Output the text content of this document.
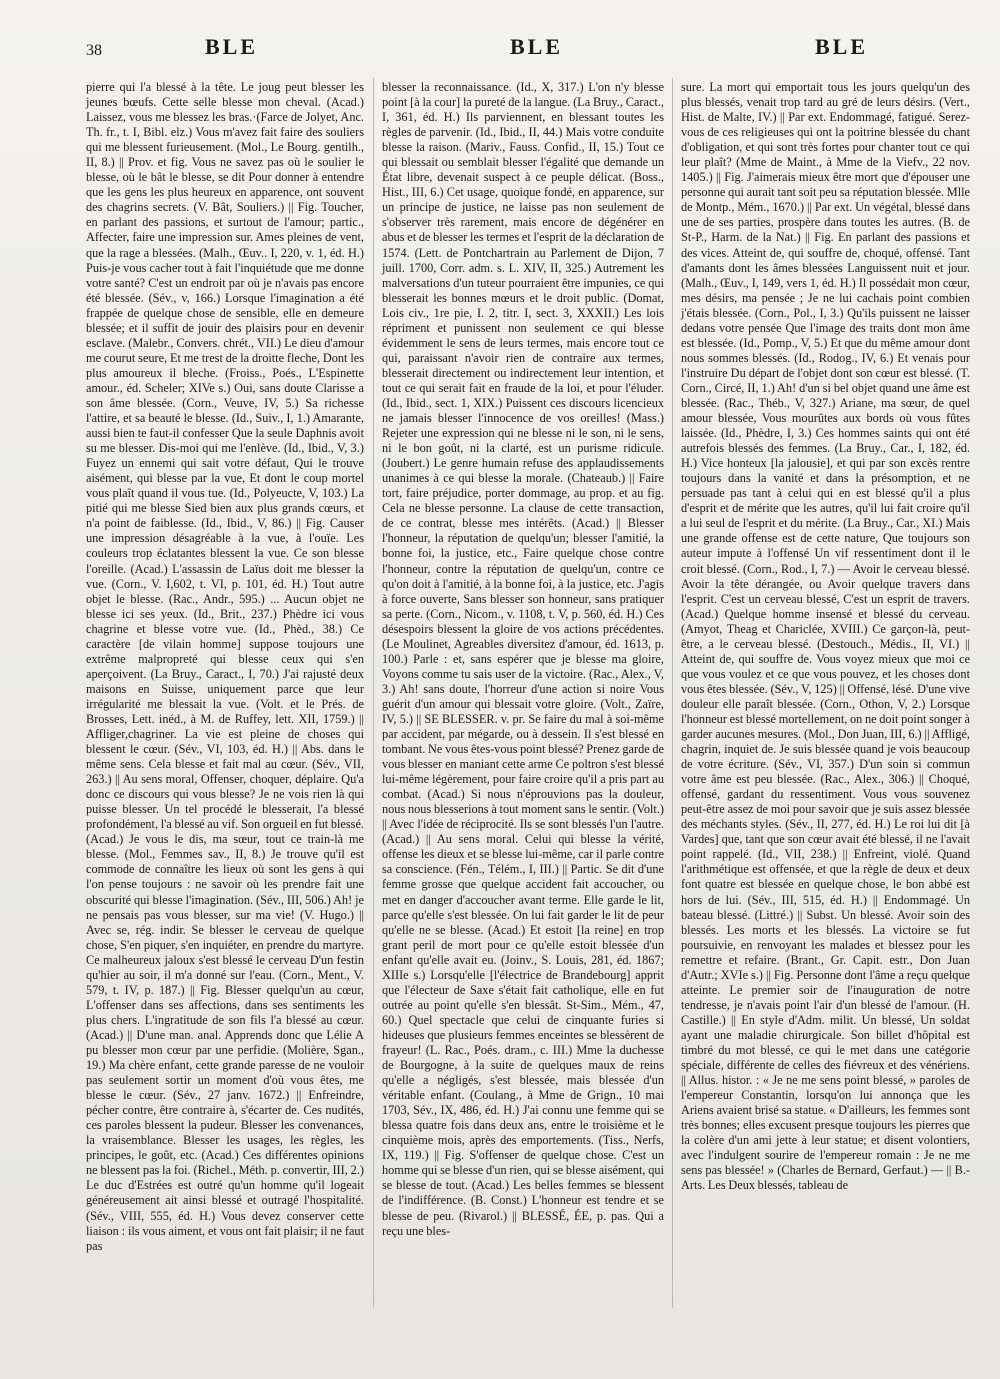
38	BLE	BLE	BLE

pierre qui l'a blessé à la tête. Le joug peut blesser les jeunes bœufs. Cette selle blesse mon cheval. (Acad.) Laissez, vous me blessez les bras.·(Farce de Jolyet, Anc. Th. fr., t. I, Bibl. elz.) Vous m'avez fait faire des souliers qui me blessent furieusement. (Mol., Le Bourg. gentilh., II, 8.) || Prov. et fig. Vous ne savez pas où le soulier le blesse, où le bât le blesse, se dit Pour donner à entendre que les gens les plus heureux en apparence, ont souvent des chagrins secrets. (V. Bât, Souliers.) || Fig. Toucher, en parlant des passions, et surtout de l'amour; partic., Affecter, faire une impression sur. Ames pleines de vent, que la rage a blessées. (Malh., Œuv.. I, 220, v. 1, éd. H.) Puis-je vous cacher tout à fait l'inquiétude que me donne votre santé? C'est un endroit par où je n'avais pas encore été blessée. (Sév., v, 166.) Lorsque l'imagination a été frappée de quelque chose de sensible, elle en demeure blessée; et il suffit de jouir des plaisirs pour en devenir esclave. (Malebr., Convers. chrét., VII.) Le dieu d'amour me courut seure, Et me trest de la droitte fleche, Dont les plus amoureux il bleche. (Froiss., Poés., L'Espinette amour., éd. Scheler; XIVe s.) Oui, sans doute Clarisse a son âme blessée. (Corn., Veuve, IV, 5.) Sa richesse l'attire, et sa beauté le blesse. (Id., Suiv., I, 1.) Amarante, aussi bien te faut-il confesser Que la seule Daphnis avoit su me blesser. Dis-moi qui me l'enlève. (Id., Ibid., V, 3.) Fuyez un ennemi qui sait votre défaut, Qui le trouve aisément, qui blesse par la vue, Et dont le coup mortel vous plaît quand il vous tue. (Id., Polyeucte, V, 103.) La pitié qui me blesse Sied bien aux plus grands cœurs, et n'a point de faiblesse. (Id., Ibid., V, 86.) || Fig. Causer une impression désagréable à la vue, à l'ouïe. Les couleurs trop éclatantes blessent la vue. Ce son blesse l'oreille. (Acad.) L'assassin de Laïus doit me blesser la vue. (Corn., V. I,602, t. VI, p. 101, éd. H.) Tout autre objet le blesse. (Rac., Andr., 595.) ... Aucun objet ne blesse ici ses yeux. (Id., Brit., 237.) Phèdre ici vous chagrine et blesse votre vue. (Id., Phèd., 38.) Ce caractère [de vilain homme] suppose toujours une extrême malpropreté qui blesse ceux qui s'en aperçoivent. (La Bruy., Caract., I, 70.) J'ai rajusté deux maisons en Suisse, uniquement parce que leur irrégularité me blessait la vue. (Volt. et le Prés. de Brosses, Lett. inéd., à M. de Ruffey, lett. XII, 1759.) || Affliger,chagriner. La vie est pleine de choses qui blessent le cœur. (Sév., VI, 103, éd. H.) || Abs. dans le même sens. Cela blesse et fait mal au cœur. (Sév., VII, 263.) || Au sens moral, Offenser, choquer, déplaire. Qu'a donc ce discours qui vous blesse? Je ne vois rien là qui puisse blesser. Un tel procédé le blesserait, l'a blessé profondément, l'a blessé au vif. Son orgueil en fut blessé. (Acad.) Je vous le dis, ma sœur, tout ce train-là me blesse. (Mol., Femmes sav., II, 8.) Je trouve qu'il est commode de connaître les lieux où sont les gens à qui l'on pense toujours : ne savoir où les prendre fait une obscurité qui blesse l'imagination. (Sév., III, 506.) Ah! je ne pensais pas vous blesser, sur ma vie! (V. Hugo.) || Avec se, rég. indir. Se blesser le cerveau de quelque chose, S'en piquer, s'en inquiéter, en prendre du martyre. Ce malheureux jaloux s'est blessé le cerveau D'un festin qu'hier au soir, il m'a donné sur l'eau. (Corn., Ment., V. 579, t. IV, p. 187.) || Fig. Blesser quelqu'un au cœur, L'offenser dans ses affections, dans ses sentiments les plus chers. L'ingratitude de son fils l'a blessé au cœur. (Acad.) || D'une man. anal. Apprends donc que Lélie A pu blesser mon cœur par une perfidie. (Molière, Sgan., 19.) Ma chère enfant, cette grande paresse de ne vouloir pas seulement sortir un moment d'où vous êtes, me blesse le cœur. (Sév., 27 janv. 1672.) || Enfreindre, pécher contre, être contraire à, s'écarter de. Ces nudités, ces paroles blessent la pudeur. Blesser les convenances, la vraisemblance. Blesser les usages, les règles, les principes, le goût, etc. (Acad.) Ces différentes opinions ne blessent pas la foi. (Richel., Méth. p. convertir, III, 2.) Le duc d'Estrées est outré qu'un homme qu'il logeait généreusement ait ainsi blessé et outragé l'hospitalité. (Sév., VIII, 555, éd. H.) Vous devez conserver cette liaison : ils vous aiment, et vous ont fait plaisir; il ne faut pas

blesser la reconnaissance. (Id., X, 317.) L'on n'y blesse point [à la cour] la pureté de la langue. (La Bruy., Caract., I, 361, éd. H.) Ils parviennent, en blessant toutes les règles de parvenir. (Id., Ibid., II, 44.) Mais votre conduite blesse la raison. (Mariv., Fauss. Confid., II, 15.) Tout ce qui blessait ou semblait blesser l'égalité que demande un État libre, devenait suspect à ce peuple délicat. (Boss., Hist., III, 6.) Cet usage, quoique fondé, en apparence, sur un principe de justice, ne laisse pas non seulement de s'observer très rarement, mais encore de dégénérer en abus et de blesser les termes et l'esprit de la déclaration de 1574. (Lett. de Pontchartrain au Parlement de Dijon, 7 juill. 1700, Corr. adm. s. L. XIV, II, 325.) Autrement les malversations d'un tuteur pourraient être impunies, ce qui blesserait les bonnes mœurs et le droit public. (Domat, Lois civ., 1re pie, I. 2, titr. I, sect. 3, XXXII.) Les lois répriment et punissent non seulement ce qui blesse évidemment le sens de leurs termes, mais encore tout ce qui, paraissant n'avoir rien de contraire aux termes, blesserait directement ou indirectement leur intention, et tout ce qui serait fait en fraude de la loi, et pour l'éluder. (Id., Ibid., sect. 1, XIX.) Puissent ces discours licencieux ne jamais blesser l'innocence de vos oreilles! (Mass.) Rejeter une expression qui ne blesse ni le son, ni le sens, ni le bon goût, ni la clarté, est un purisme ridicule. (Joubert.) Le genre humain refuse des applaudissements unanimes à ce qui blesse la morale. (Chateaub.) || Faire tort, faire préjudice, porter dommage, au prop. et au fig. Cela ne blesse personne. La clause de cette transaction, de ce contrat, blesse mes intérêts. (Acad.) || Blesser l'honneur, la réputation de quelqu'un; blesser l'amitié, la bonne foi, la justice, etc., Faire quelque chose contre l'honneur, contre la réputation de quelqu'un, contre ce qu'on doit à l'amitié, à la bonne foi, à la justice, etc. J'agis à force ouverte, Sans blesser son honneur, sans pratiquer sa perte. (Corn., Nicom., v. 1108, t. V, p. 560, éd. H.) Ces désespoirs blessent la gloire de vos actions précédentes. (Le Moulinet, Agreables diversitez d'amour, éd. 1613, p. 100.) Parle : et, sans espérer que je blesse ma gloire, Voyons comme tu sais user de la victoire. (Rac., Alex., V, 3.) Ah! sans doute, l'horreur d'une action si noire Vous guérit d'un amour qui blessait votre gloire. (Volt., Zaïre, IV, 5.) || SE BLESSER. v. pr. Se faire du mal à soi-même par accident, par mégarde, ou à dessein. Il s'est blessé en tombant. Ne vous êtes-vous point blessé? Prenez garde de vous blesser en maniant cette arme Ce poltron s'est blessé lui-même légèrement, pour faire croire qu'il a pris part au combat. (Acad.) Si nous n'éprouvions pas la douleur, nous nous blesserions à tout moment sans le sentir. (Volt.) || Avec l'idée de réciprocité. Ils se sont blessés l'un l'autre. (Acad.) || Au sens moral. Celui qui blesse la vérité, offense les dieux et se blesse lui-même, car il parle contre sa conscience. (Fén., Télém., I, III.) || Partic. Se dit d'une femme grosse que quelque accident fait accoucher, ou met en danger d'accoucher avant terme. Elle garde le lit, parce qu'elle s'est blessée. On lui fait garder le lit de peur qu'elle ne se blesse. (Acad.) Et estoit [la reine] en trop grant peril de mort pour ce qu'elle estoit blessée d'un enfant qu'elle avait eu. (Joinv., S. Louis, 281, éd. 1867; XIIIe s.) Lorsqu'elle [l'électrice de Brandebourg] apprit que l'électeur de Saxe s'était fait catholique, elle en fut outrée au point qu'elle s'en blessât. St-Sim., Mém., 47, 60.) Quel spectacle que celui de cinquante furies si hideuses que plusieurs femmes enceintes se blessèrent de frayeur! (L. Rac., Poés. dram., c. III.) Mme la duchesse de Bourgogne, à la suite de quelques maux de reins qu'elle a négligés, s'est blessée, mais blessée d'un véritable enfant. (Coulang., à Mme de Grign., 10 mai 1703, Sév., IX, 486, éd. H.) J'ai connu une femme qui se blessa quatre fois dans deux ans, entre le troisième et le cinquième mois, après des emportements. (Tiss., Nerfs, IX, 119.) || Fig. S'offenser de quelque chose. C'est un homme qui se blesse d'un rien, qui se blesse aisément, qui se blesse de tout. (Acad.) Les belles femmes se blessent de l'indifférence. (B. Const.) L'honneur est tendre et se blesse de peu. (Rivarol.) || BLESSÉ, ÉE, p. pas. Qui a reçu une bles-

sure. La mort qui emportait tous les jours quelqu'un des plus blessés, venait trop tard au gré de leurs désirs. (Vert., Hist. de Malte, IV.) || Par ext. Endommagé, fatigué. Serez-vous de ces religieuses qui ont la poitrine blessée du chant d'obligation, et qui sont très fortes pour chanter tout ce qui leur plaît? (Mme de Maint., à Mme de la Viefv., 22 nov. 1405.) || Fig. J'aimerais mieux être mort que d'épouser une personne qui aurait tant soit peu sa réputation blessée. Mlle de Montp., Mém., 1670.) || Par ext. Un végétal, blessé dans une de ses parties, prospère dans toutes les autres. (B. de St-P., Harm. de la Nat.) || Fig. En parlant des passions et des vices. Atteint de, qui souffre de, choqué, offensé. Tant d'amants dont les âmes blessées Languissent nuit et jour. (Malh., Œuv., I, 149, vers 1, éd. H.) Il possédait mon cœur, mes désirs, ma pensée ; Je ne lui cachais point combien j'étais blessée. (Corn., Pol., I, 3.) Qu'ils puissent ne laisser dedans votre pensée Que l'image des traits dont mon âme est blessée. (Id., Pomp., V, 5.) Et que du même amour dont nous sommes blessés. (Id., Rodog., IV, 6.) Et venais pour l'instruire Du départ de l'objet dont son cœur est blessé. (T. Corn., Circé, II, 1.) Ah! d'un si bel objet quand une âme est blessée. (Rac., Théb., V, 327.) Ariane, ma sœur, de quel amour blessée, Vous mourûtes aux bords où vous fûtes laissée. (Id., Phèdre, I, 3.) Ces hommes saints qui ont été autrefois blessés des femmes. (La Bruy., Car., I, 182, éd. H.) Vice honteux [la jalousie], et qui par son excès rentre toujours dans la vanité et dans la présomption, et ne persuade pas tant à celui qui en est blessé qu'il a plus d'esprit et de mérite que les autres, qu'il lui fait croire qu'il a lui seul de l'esprit et du mérite. (La Bruy., Car., XI.) Mais une grande offense est de cette nature, Que toujours son auteur impute à l'offensé Un vif ressentiment dont il le croit blessé. (Corn., Rod., I, 7.) — Avoir le cerveau blessé. Avoir la tête dérangée, ou Avoir quelque travers dans l'esprit. C'est un cerveau blessé, C'est un esprit de travers. (Acad.) Quelque homme insensé et blessé du cerveau. (Amyot, Theag et Chariclée, XVIII.) Ce garçon-là, peut-être, a le cerveau blessé. (Destouch., Médis., II, VI.) || Atteint de, qui souffre de. Vous voyez mieux que moi ce que vous voulez et ce que vous pouvez, et les choses dont vous êtes blessée. (Sév., V, 125) || Offensé, lésé. D'une vive douleur elle paraît blessée. (Corn., Othon, V, 2.) Lorsque l'honneur est blessé mortellement, on ne doit point songer à garder aucunes mesures. (Mol., Don Juan, III, 6.) || Affligé, chagrin, inquiet de. Je suis blessée quand je vois beaucoup de votre écriture. (Sév., VI, 357.) D'un soin si commun votre âme est peu blessée. (Rac., Alex., 306.) || Choqué, offensé, gardant du ressentiment. Vous vous souvenez peut-être assez de moi pour savoir que je suis assez blessée des méchants styles. (Sév., II, 277, éd. H.) Le roi lui dit [à Vardes] que, tant que son cœur avait été blessé, il ne l'avait point rappelé. (Id., VII, 238.) || Enfreint, violé. Quand l'arithmétique est offensée, et que la règle de deux et deux font quatre est blessée en quelque chose, le bon abbé est hors de lui. (Sév., III, 515, éd. H.) || Endommagé. Un bateau blessé. (Littré.) || Subst. Un blessé. Avoir soin des blessés. Les morts et les blessés. La victoire se fut poursuivie, en renvoyant les malades et blessez pour les remettre et refaire. (Brant., Gr. Capit. estr., Don Juan d'Autr.; XVIe s.) || Fig. Personne dont l'âme a reçu quelque atteinte. Le premier soir de l'inauguration de notre tendresse, je n'avais point l'air d'un blessé de l'amour. (H. Castille.) || En style d'Adm. milit. Un blessé, Un soldat ayant une maladie chirurgicale. Son billet d'hôpital est timbré du mot blessé, ce qui le met dans une catégorie spéciale, différente de celles des fiévreux et des vénériens. || Allus. histor. : « Je ne me sens point blessé, » paroles de l'empereur Constantin, lorsqu'on lui annonça que les Ariens avaient brisé sa statue. « D'ailleurs, les femmes sont très bonnes; elles excusent presque toujours les pierres que la colère d'un ami jette à leur statue; et disent volontiers, avec l'indulgent sourire de l'empereur romain : Je ne me sens pas blessée! » (Charles de Bernard, Gerfaut.) — || B.-Arts. Les Deux blessés, tableau de
